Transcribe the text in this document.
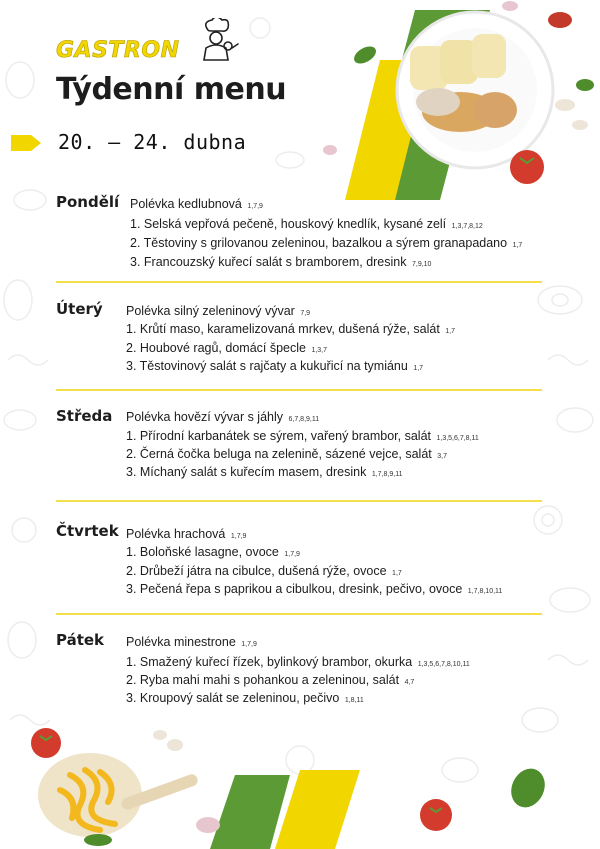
GASTRON
Týdenní menu
20. – 24. dubna
Pondělí Polévka kedlubnová 1,7,9
1. Selská vepřová pečeně, houskový knedlík, kysané zelí 1,3,7,8,12
2. Těstoviny s grilovanou zeleninou, bazalkou a sýrem granapadano 1,7
3. Francouzský kuřecí salát s bramborem, dresink 7,9,10
Úterý Polévka silný zeleninový vývar 7,9
1. Krůtí maso, karamelizovaná mrkev, dušená rýže, salát 1,7
2. Houbové ragů, domácí špecle 1,3,7
3. Těstovinový salát s rajčaty a kukuřicí na tymiánu 1,7
Středa Polévka hovězí vývar s jáhly 6,7,8,9,11
1. Přírodní karbanátek se sýrem, vařený brambor, salát 1,3,5,6,7,8,11
2. Černá čočka beluga na zelenině, sázené vejce, salát 3,7
3. Míchaný salát s kuřecím masem, dresink 1,7,8,9,11
Čtvrtek Polévka hrachová 1,7,9
1. Boloňské lasagne, ovoce 1,7,9
2. Drůbeží játra na cibulce, dušená rýže, ovoce 1,7
3. Pečená řepa s paprikou a cibulkou, dresink, pečivo, ovoce 1,7,8,10,11
Pátek Polévka minestrone 1,7,9
1. Smažený kuřecí řízek, bylinkový brambor, okurka 1,3,5,6,7,8,10,11
2. Ryba mahi mahi s pohankou a zeleninou, salát 4,7
3. Kroupový salát se zeleninou, pečivo 1,8,11
